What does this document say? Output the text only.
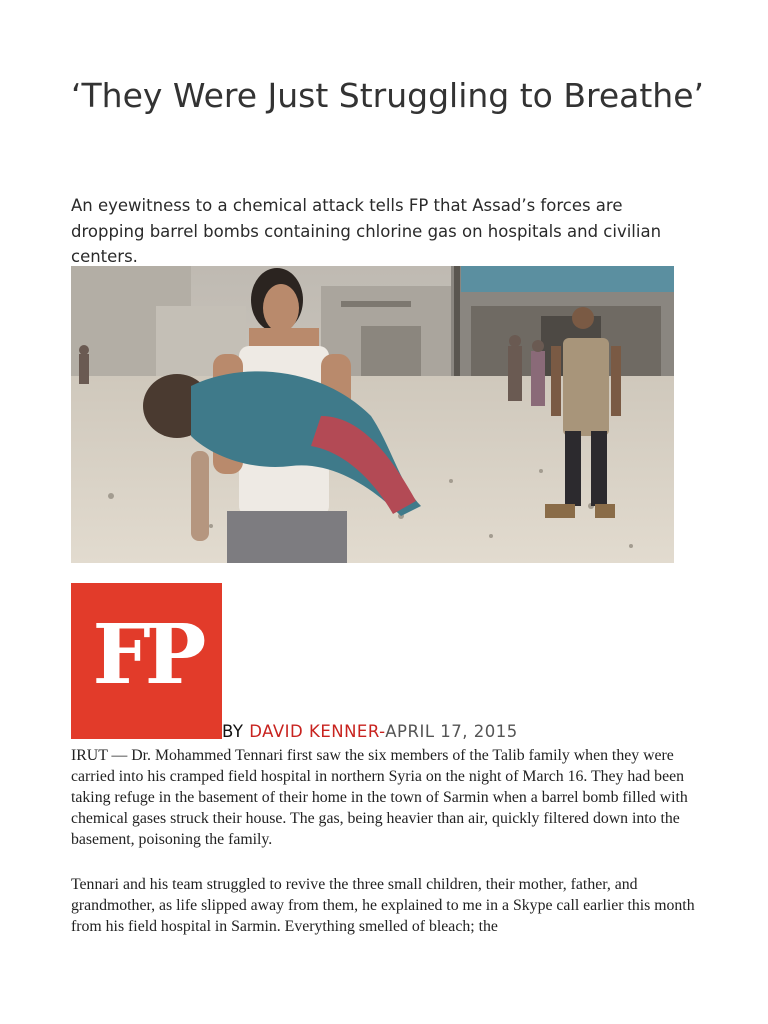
‘They Were Just Struggling to Breathe’

An eyewitness to a chemical attack tells FP that Assad’s forces are dropping barrel bombs containing chlorine gas on hospitals and civilian centers.

FP
BY DAVID KENNER-APRIL 17, 2015

IRUT — Dr. Mohammed Tennari first saw the six members of the Talib family when they were carried into his cramped field hospital in northern Syria on the night of March 16. They had been taking refuge in the basement of their home in the town of Sarmin when a barrel bomb filled with chemical gases struck their house. The gas, being heavier than air, quickly filtered down into the basement, poisoning the family.

Tennari and his team struggled to revive the three small children, their mother, father, and grandmother, as life slipped away from them, he explained to me in a Skype call earlier this month from his field hospital in Sarmin. Everything smelled of bleach; the
